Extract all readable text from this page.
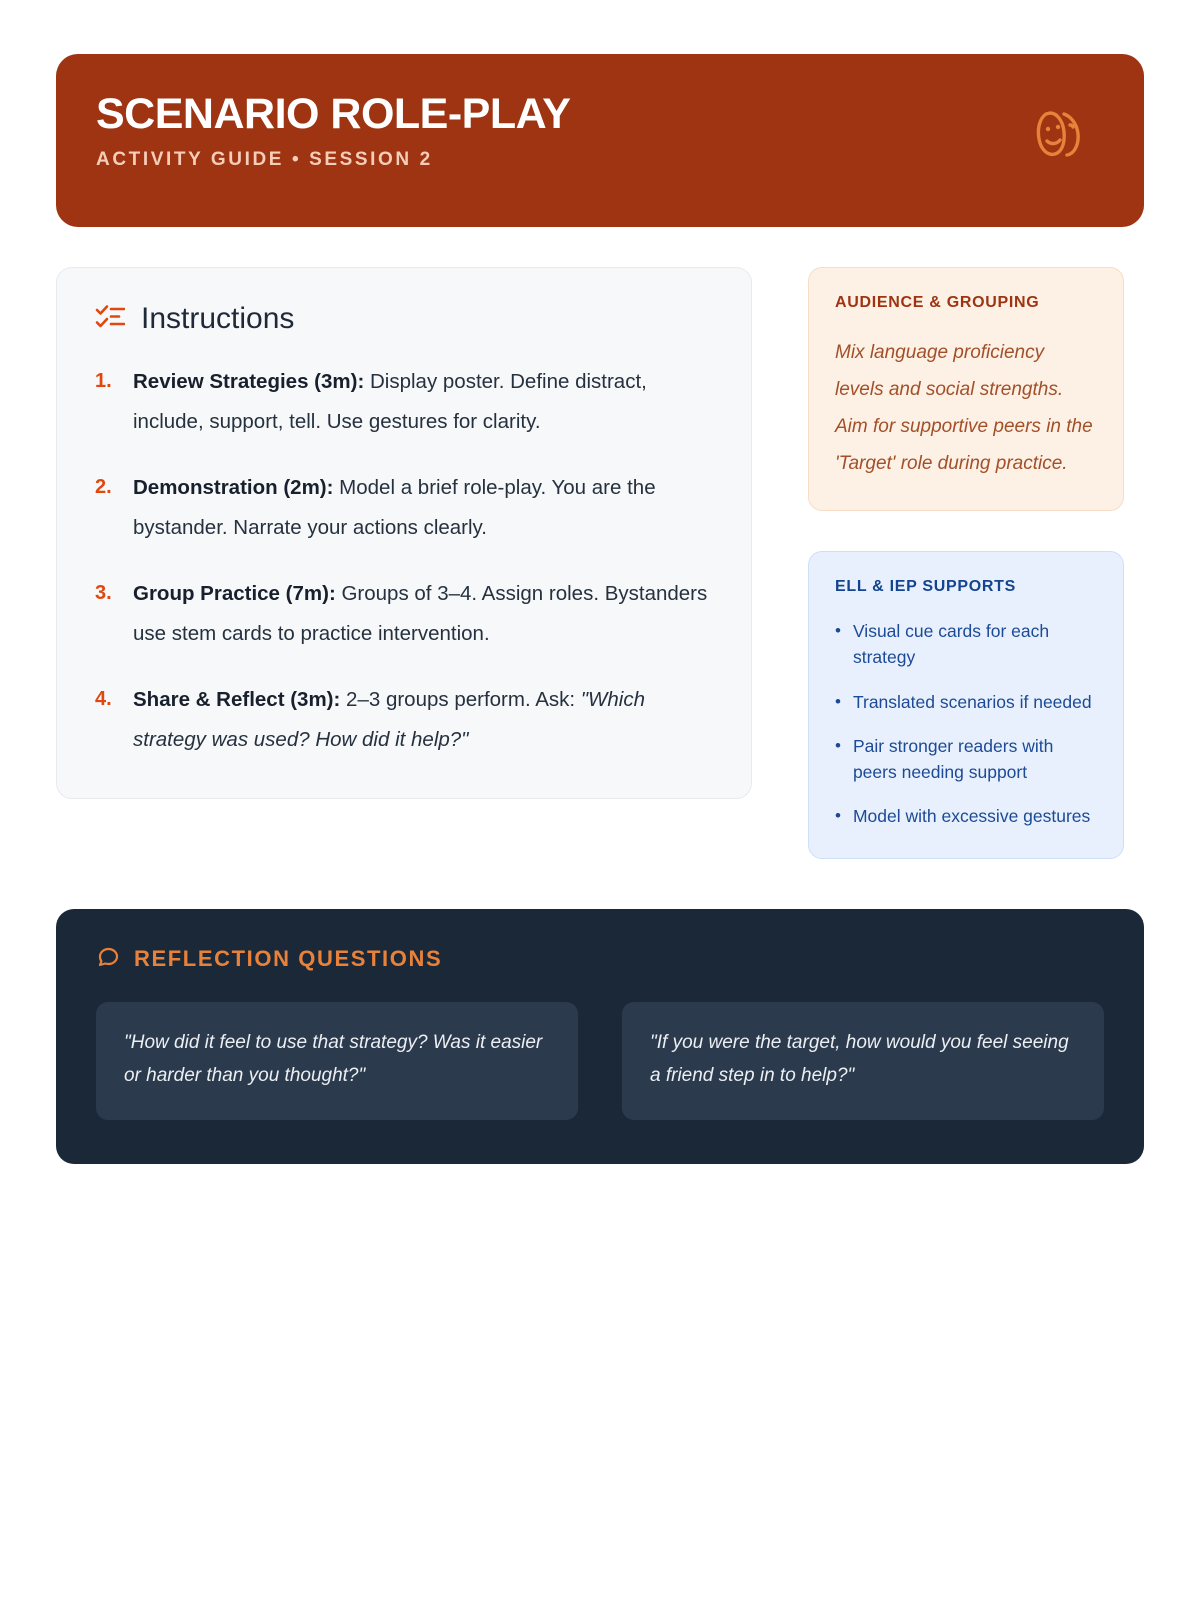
SCENARIO ROLE-PLAY
ACTIVITY GUIDE • SESSION 2
Instructions
1.	Review Strategies (3m): Display poster. Define distract, include, support, tell. Use gestures for clarity.
2.	Demonstration (2m): Model a brief role-play. You are the bystander. Narrate your actions clearly.
3.	Group Practice (7m): Groups of 3–4. Assign roles. Bystanders use stem cards to practice intervention.
4.	Share & Reflect (3m): 2–3 groups perform. Ask: "Which strategy was used? How did it help?"
AUDIENCE & GROUPING
Mix language proficiency levels and social strengths. Aim for supportive peers in the 'Target' role during practice.
ELL & IEP SUPPORTS
• Visual cue cards for each strategy
• Translated scenarios if needed
• Pair stronger readers with peers needing support
• Model with excessive gestures
REFLECTION QUESTIONS
"How did it feel to use that strategy? Was it easier or harder than you thought?"
"If you were the target, how would you feel seeing a friend step in to help?"
